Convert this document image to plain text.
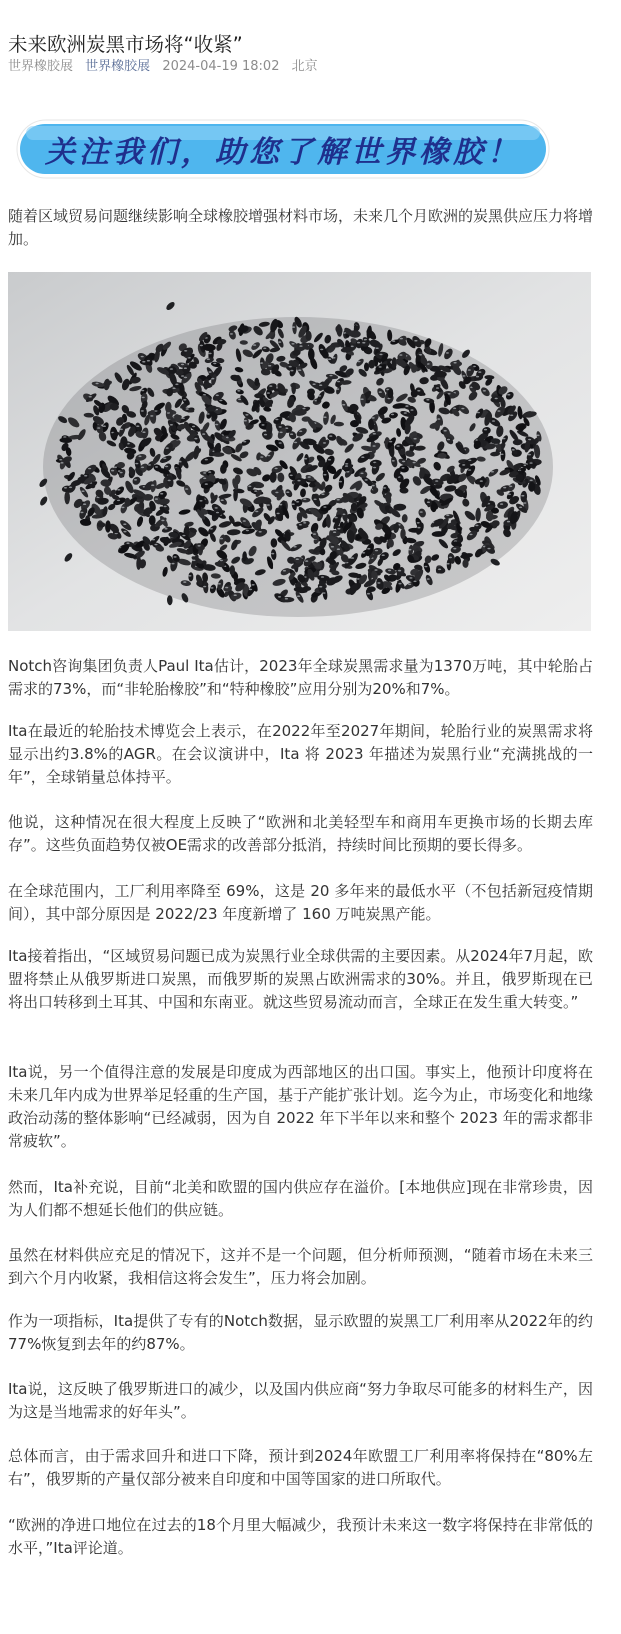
未来欧洲炭黑市场将“收紧”
世界橡胶展 世界橡胶展 2024-04-19 18:02 北京
关注我们，助您了解世界橡胶！

随着区域贸易问题继续影响全球橡胶增强材料市场，未来几个月欧洲的炭黑供应压力将增加。

Notch咨询集团负责人Paul Ita估计，2023年全球炭黑需求量为1370万吨，其中轮胎占需求的73%，而“非轮胎橡胶”和“特种橡胶”应用分别为20%和7%。

Ita在最近的轮胎技术博览会上表示，在2022年至2027年期间，轮胎行业的炭黑需求将显示出约3.8%的AGR。在会议演讲中，Ita 将 2023 年描述为炭黑行业“充满挑战的一年”，全球销量总体持平。

他说，这种情况在很大程度上反映了“欧洲和北美轻型车和商用车更换市场的长期去库存”。这些负面趋势仅被OE需求的改善部分抵消，持续时间比预期的要长得多。

在全球范围内，工厂利用率降至 69%，这是 20 多年来的最低水平（不包括新冠疫情期间），其中部分原因是 2022/23 年度新增了 160 万吨炭黑产能。

Ita接着指出，“区域贸易问题已成为炭黑行业全球供需的主要因素。从2024年7月起，欧盟将禁止从俄罗斯进口炭黑，而俄罗斯的炭黑占欧洲需求的30%。并且，俄罗斯现在已将出口转移到土耳其、中国和东南亚。就这些贸易流动而言，全球正在发生重大转变。”

Ita说，另一个值得注意的发展是印度成为西部地区的出口国。事实上，他预计印度将在未来几年内成为世界举足轻重的生产国，基于产能扩张计划。迄今为止，市场变化和地缘政治动荡的整体影响“已经减弱，因为自 2022 年下半年以来和整个 2023 年的需求都非常疲软”。

然而，Ita补充说，目前“北美和欧盟的国内供应存在溢价。[本地供应]现在非常珍贵，因为人们都不想延长他们的供应链。

虽然在材料供应充足的情况下，这并不是一个问题，但分析师预测，“随着市场在未来三到六个月内收紧，我相信这将会发生”，压力将会加剧。

作为一项指标，Ita提供了专有的Notch数据，显示欧盟的炭黑工厂利用率从2022年的约77%恢复到去年的约87%。

Ita说，这反映了俄罗斯进口的减少，以及国内供应商“努力争取尽可能多的材料生产，因为这是当地需求的好年头”。

总体而言，由于需求回升和进口下降，预计到2024年欧盟工厂利用率将保持在“80%左右”，俄罗斯的产量仅部分被来自印度和中国等国家的进口所取代。

“欧洲的净进口地位在过去的18个月里大幅减少，我预计未来这一数字将保持在非常低的水平，”Ita评论道。
